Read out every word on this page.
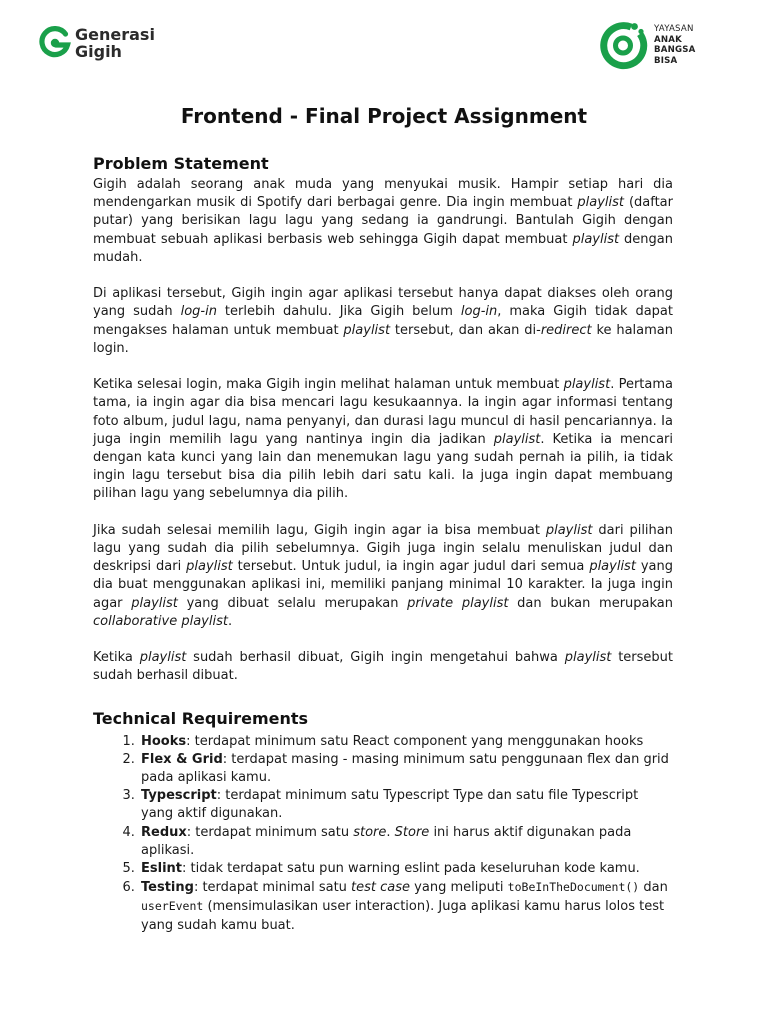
Generasi
Gigih
YAYASAN
ANAK
BANGSA
BISA
Frontend - Final Project Assignment
Problem Statement

Gigih adalah seorang anak muda yang menyukai musik. Hampir setiap hari dia mendengarkan musik di Spotify dari berbagai genre. Dia ingin membuat playlist (daftar putar) yang berisikan lagu lagu yang sedang ia gandrungi. Bantulah Gigih dengan membuat sebuah aplikasi berbasis web sehingga Gigih dapat membuat playlist dengan mudah.

Di aplikasi tersebut, Gigih ingin agar aplikasi tersebut hanya dapat diakses oleh orang yang sudah log-in terlebih dahulu. Jika Gigih belum log-in, maka Gigih tidak dapat mengakses halaman untuk membuat playlist tersebut, dan akan di-redirect ke halaman login.

Ketika selesai login, maka Gigih ingin melihat halaman untuk membuat playlist. Pertama tama, ia ingin agar dia bisa mencari lagu kesukaannya. Ia ingin agar informasi tentang foto album, judul lagu, nama penyanyi, dan durasi lagu muncul di hasil pencariannya. Ia juga ingin memilih lagu yang nantinya ingin dia jadikan playlist. Ketika ia mencari dengan kata kunci yang lain dan menemukan lagu yang sudah pernah ia pilih, ia tidak ingin lagu tersebut bisa dia pilih lebih dari satu kali. Ia juga ingin dapat membuang pilihan lagu yang sebelumnya dia pilih.

Jika sudah selesai memilih lagu, Gigih ingin agar ia bisa membuat playlist dari pilihan lagu yang sudah dia pilih sebelumnya. Gigih juga ingin selalu menuliskan judul dan deskripsi dari playlist tersebut. Untuk judul, ia ingin agar judul dari semua playlist yang dia buat menggunakan aplikasi ini, memiliki panjang minimal 10 karakter. Ia juga ingin agar playlist yang dibuat selalu merupakan private playlist dan bukan merupakan collaborative playlist.

Ketika playlist sudah berhasil dibuat, Gigih ingin mengetahui bahwa playlist tersebut sudah berhasil dibuat.

Technical Requirements
1. Hooks: terdapat minimum satu React component yang menggunakan hooks
2. Flex & Grid: terdapat masing - masing minimum satu penggunaan flex dan grid pada aplikasi kamu.
3. Typescript: terdapat minimum satu Typescript Type dan satu file Typescript yang aktif digunakan.
4. Redux: terdapat minimum satu store. Store ini harus aktif digunakan pada aplikasi.
5. Eslint: tidak terdapat satu pun warning eslint pada keseluruhan kode kamu.
6. Testing: terdapat minimal satu test case yang meliputi toBeInTheDocument() dan userEvent (mensimulasikan user interaction). Juga aplikasi kamu harus lolos test yang sudah kamu buat.
